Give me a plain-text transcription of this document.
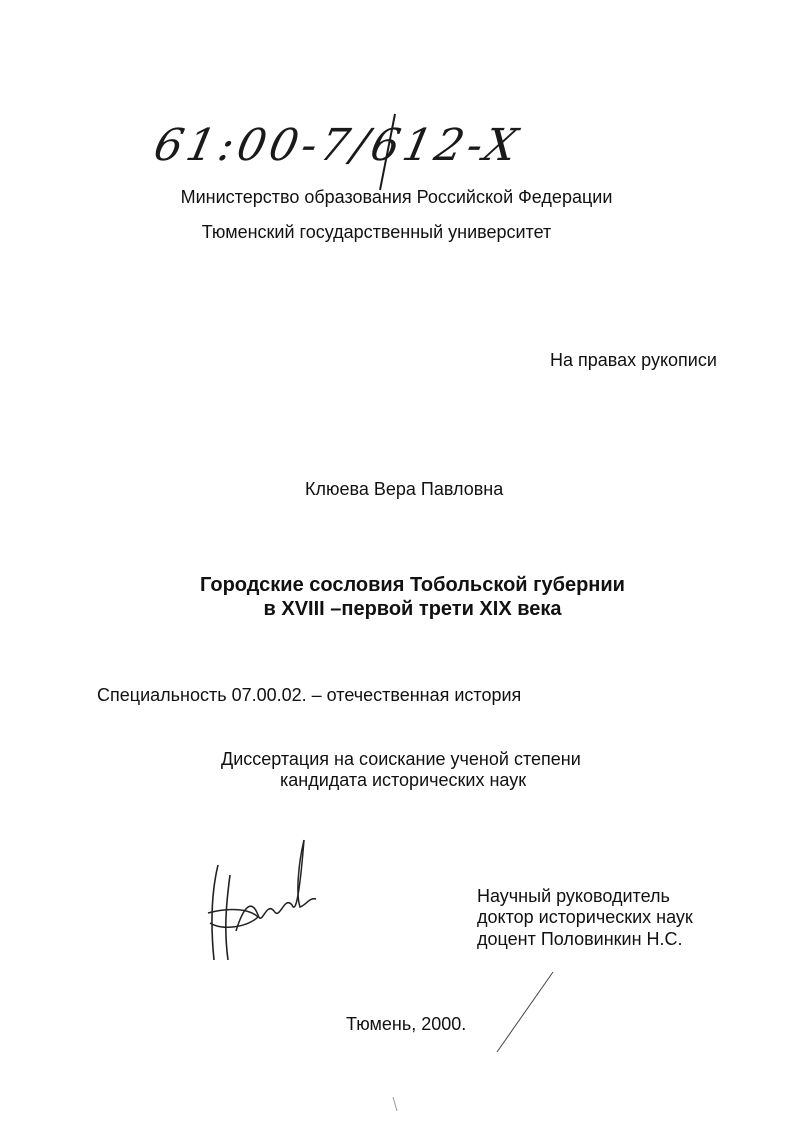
61:00-7/612-X
Министерство образования Российской Федерации
Тюменский государственный университет
На правах рукописи
Клюева Вера Павловна
Городские сословия Тобольской губернии
в XVIII –первой трети XIX века
Специальность 07.00.02. – отечественная история
Диссертация на соискание ученой степени
кандидата исторических наук
Научный руководитель
доктор исторических наук
доцент Половинкин Н.С.
Тюмень, 2000.
